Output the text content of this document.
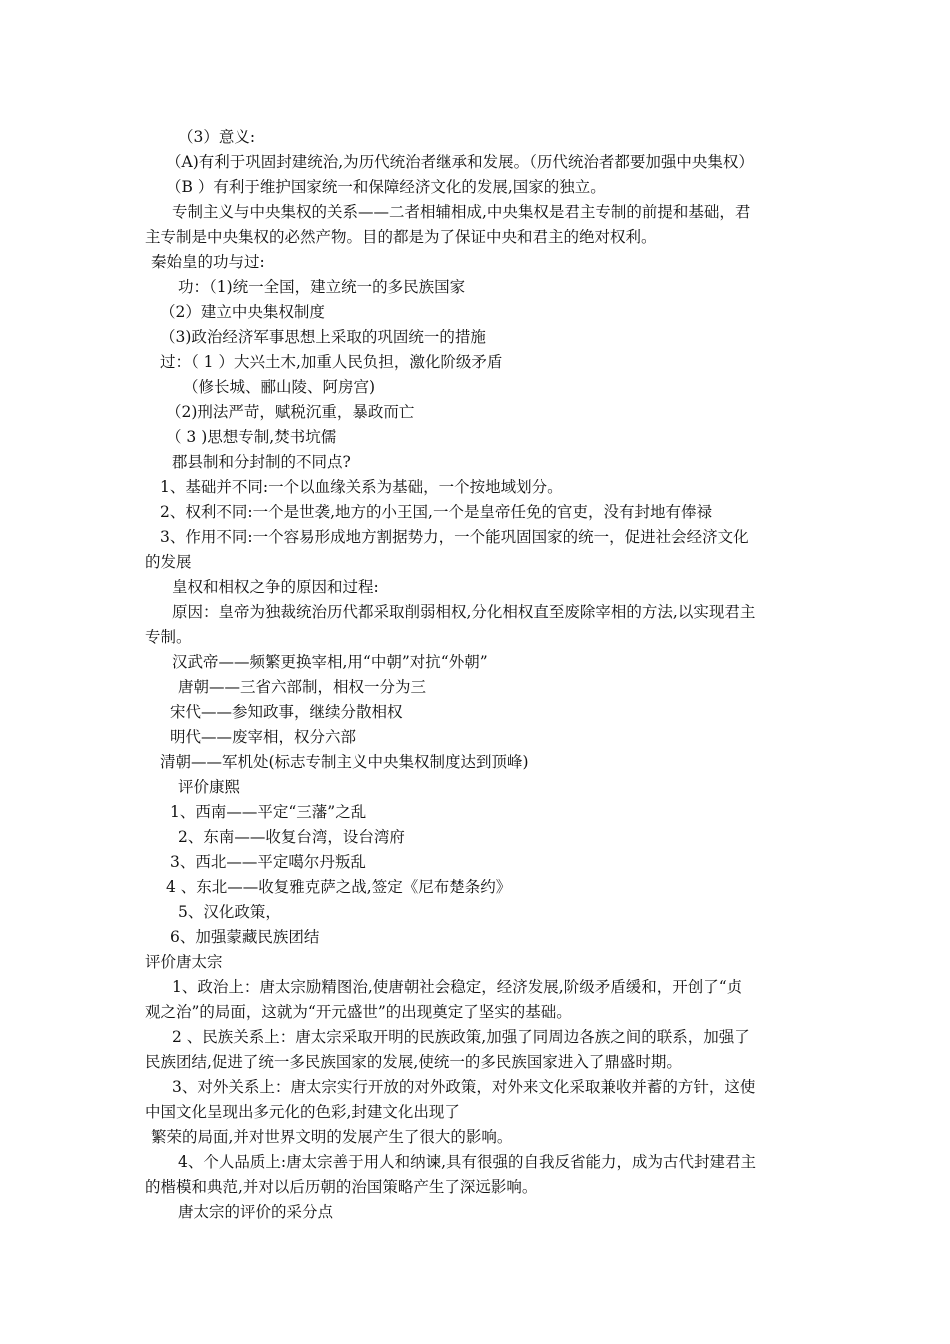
（3）意义:
（A)有利于巩固封建统治,为历代统治者继承和发展。（历代统治者都要加强中央集权）
（B ）有利于维护国家统一和保障经济文化的发展,国家的独立。
专制主义与中央集权的关系——二者相辅相成,中央集权是君主专制的前提和基础，君
主专制是中央集权的必然产物。目的都是为了保证中央和君主的绝对权利。
秦始皇的功与过:
功：（1)统一全国，建立统一的多民族国家
（2）建立中央集权制度
（3)政治经济军事思想上采取的巩固统一的措施
过：（ 1 ）大兴土木,加重人民负担，激化阶级矛盾
（修长城、郦山陵、阿房宫)
（2)刑法严苛，赋税沉重，暴政而亡
（ 3 )思想专制,焚书坑儒
郡县制和分封制的不同点?
1、基础并不同:一个以血缘关系为基础，一个按地域划分。
2、权利不同:一个是世袭,地方的小王国,一个是皇帝任免的官吏，没有封地有俸禄
3、作用不同:一个容易形成地方割据势力，一个能巩固国家的统一，促进社会经济文化
的发展
皇权和相权之争的原因和过程:
原因：皇帝为独裁统治历代都采取削弱相权,分化相权直至废除宰相的方法,以实现君主
专制。
汉武帝——频繁更换宰相,用“中朝”对抗“外朝”
唐朝——三省六部制，相权一分为三
宋代——参知政事，继续分散相权
明代——废宰相，权分六部
清朝——军机处(标志专制主义中央集权制度达到顶峰)
评价康熙
1、西南——平定“三藩”之乱
2、东南——收复台湾，设台湾府
3、西北——平定噶尔丹叛乱
4 、东北——收复雅克萨之战,签定《尼布楚条约》
5、汉化政策，
6、加强蒙藏民族团结
评价唐太宗
1、政治上：唐太宗励精图治,使唐朝社会稳定，经济发展,阶级矛盾缓和，开创了“贞
观之治”的局面，这就为“开元盛世”的出现奠定了坚实的基础。
2 、民族关系上：唐太宗采取开明的民族政策,加强了同周边各族之间的联系，加强了
民族团结,促进了统一多民族国家的发展,使统一的多民族国家进入了鼎盛时期。
3、对外关系上：唐太宗实行开放的对外政策，对外来文化采取兼收并蓄的方针，这使
中国文化呈现出多元化的色彩,封建文化出现了
繁荣的局面,并对世界文明的发展产生了很大的影响。
4、个人品质上:唐太宗善于用人和纳谏,具有很强的自我反省能力，成为古代封建君主
的楷模和典范,并对以后历朝的治国策略产生了深远影响。
唐太宗的评价的采分点
